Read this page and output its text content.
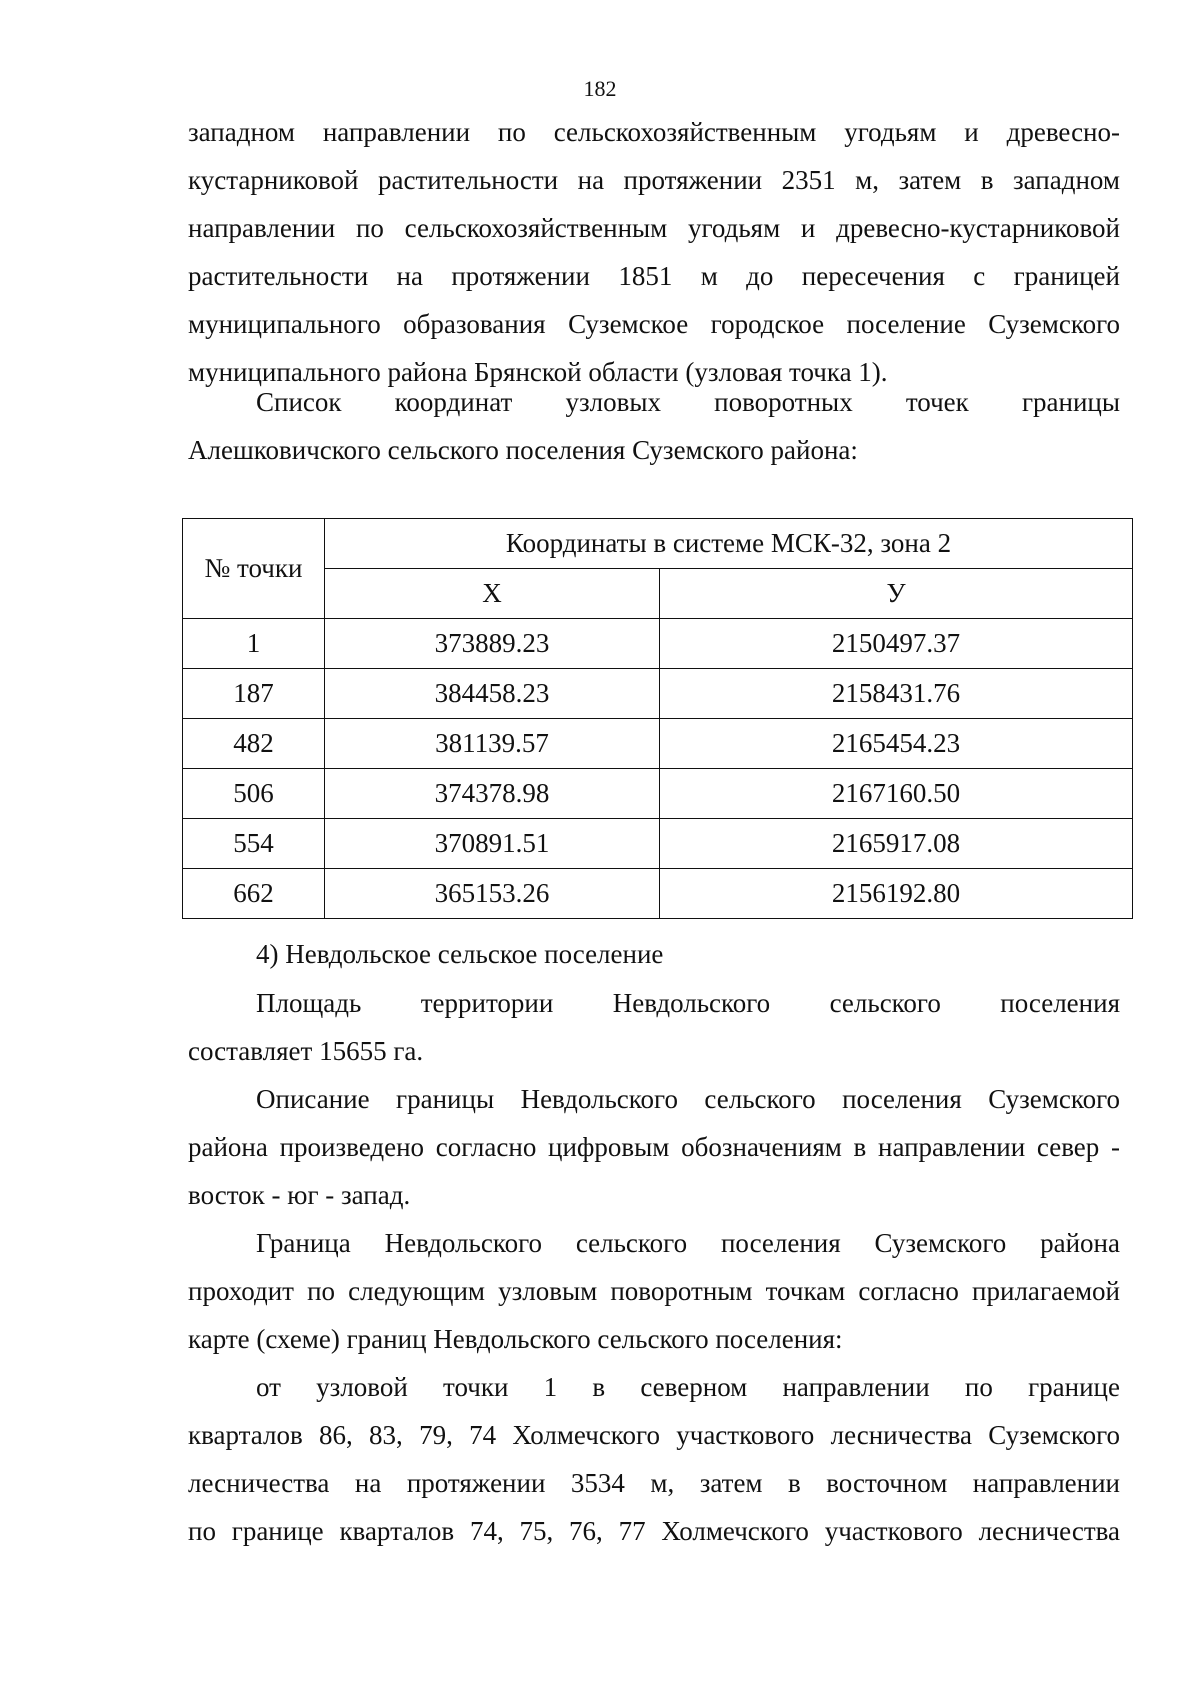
182
западном направлении по сельскохозяйственным угодьям и древесно-
кустарниковой растительности на протяжении 2351 м, затем в западном
направлении по сельскохозяйственным угодьям и древесно-кустарниковой
растительности на протяжении 1851 м до пересечения с границей
муниципального образования Суземское городское поселение Суземского
муниципального района Брянской области (узловая точка 1).
Список координат узловых поворотных точек границы
Алешковичского сельского поселения Суземского района:
№ точки	Координаты в системе МСК-32, зона 2	
	X	У
1	373889.23	2150497.37
187	384458.23	2158431.76
482	381139.57	2165454.23
506	374378.98	2167160.50
554	370891.51	2165917.08
662	365153.26	2156192.80
4) Невдольское сельское поселение
Площадь территории Невдольского сельского поселения
составляет 15655 га.
Описание границы Невдольского сельского поселения Суземского
района произведено согласно цифровым обозначениям в направлении север -
восток - юг - запад.
Граница Невдольского сельского поселения Суземского района
проходит по следующим узловым поворотным точкам согласно прилагаемой
карте (схеме) границ Невдольского сельского поселения:
от узловой точки 1 в северном направлении по границе
кварталов 86, 83, 79, 74 Холмечского участкового лесничества Суземского
лесничества на протяжении 3534 м, затем в восточном направлении
по границе кварталов 74, 75, 76, 77 Холмечского участкового лесничества
